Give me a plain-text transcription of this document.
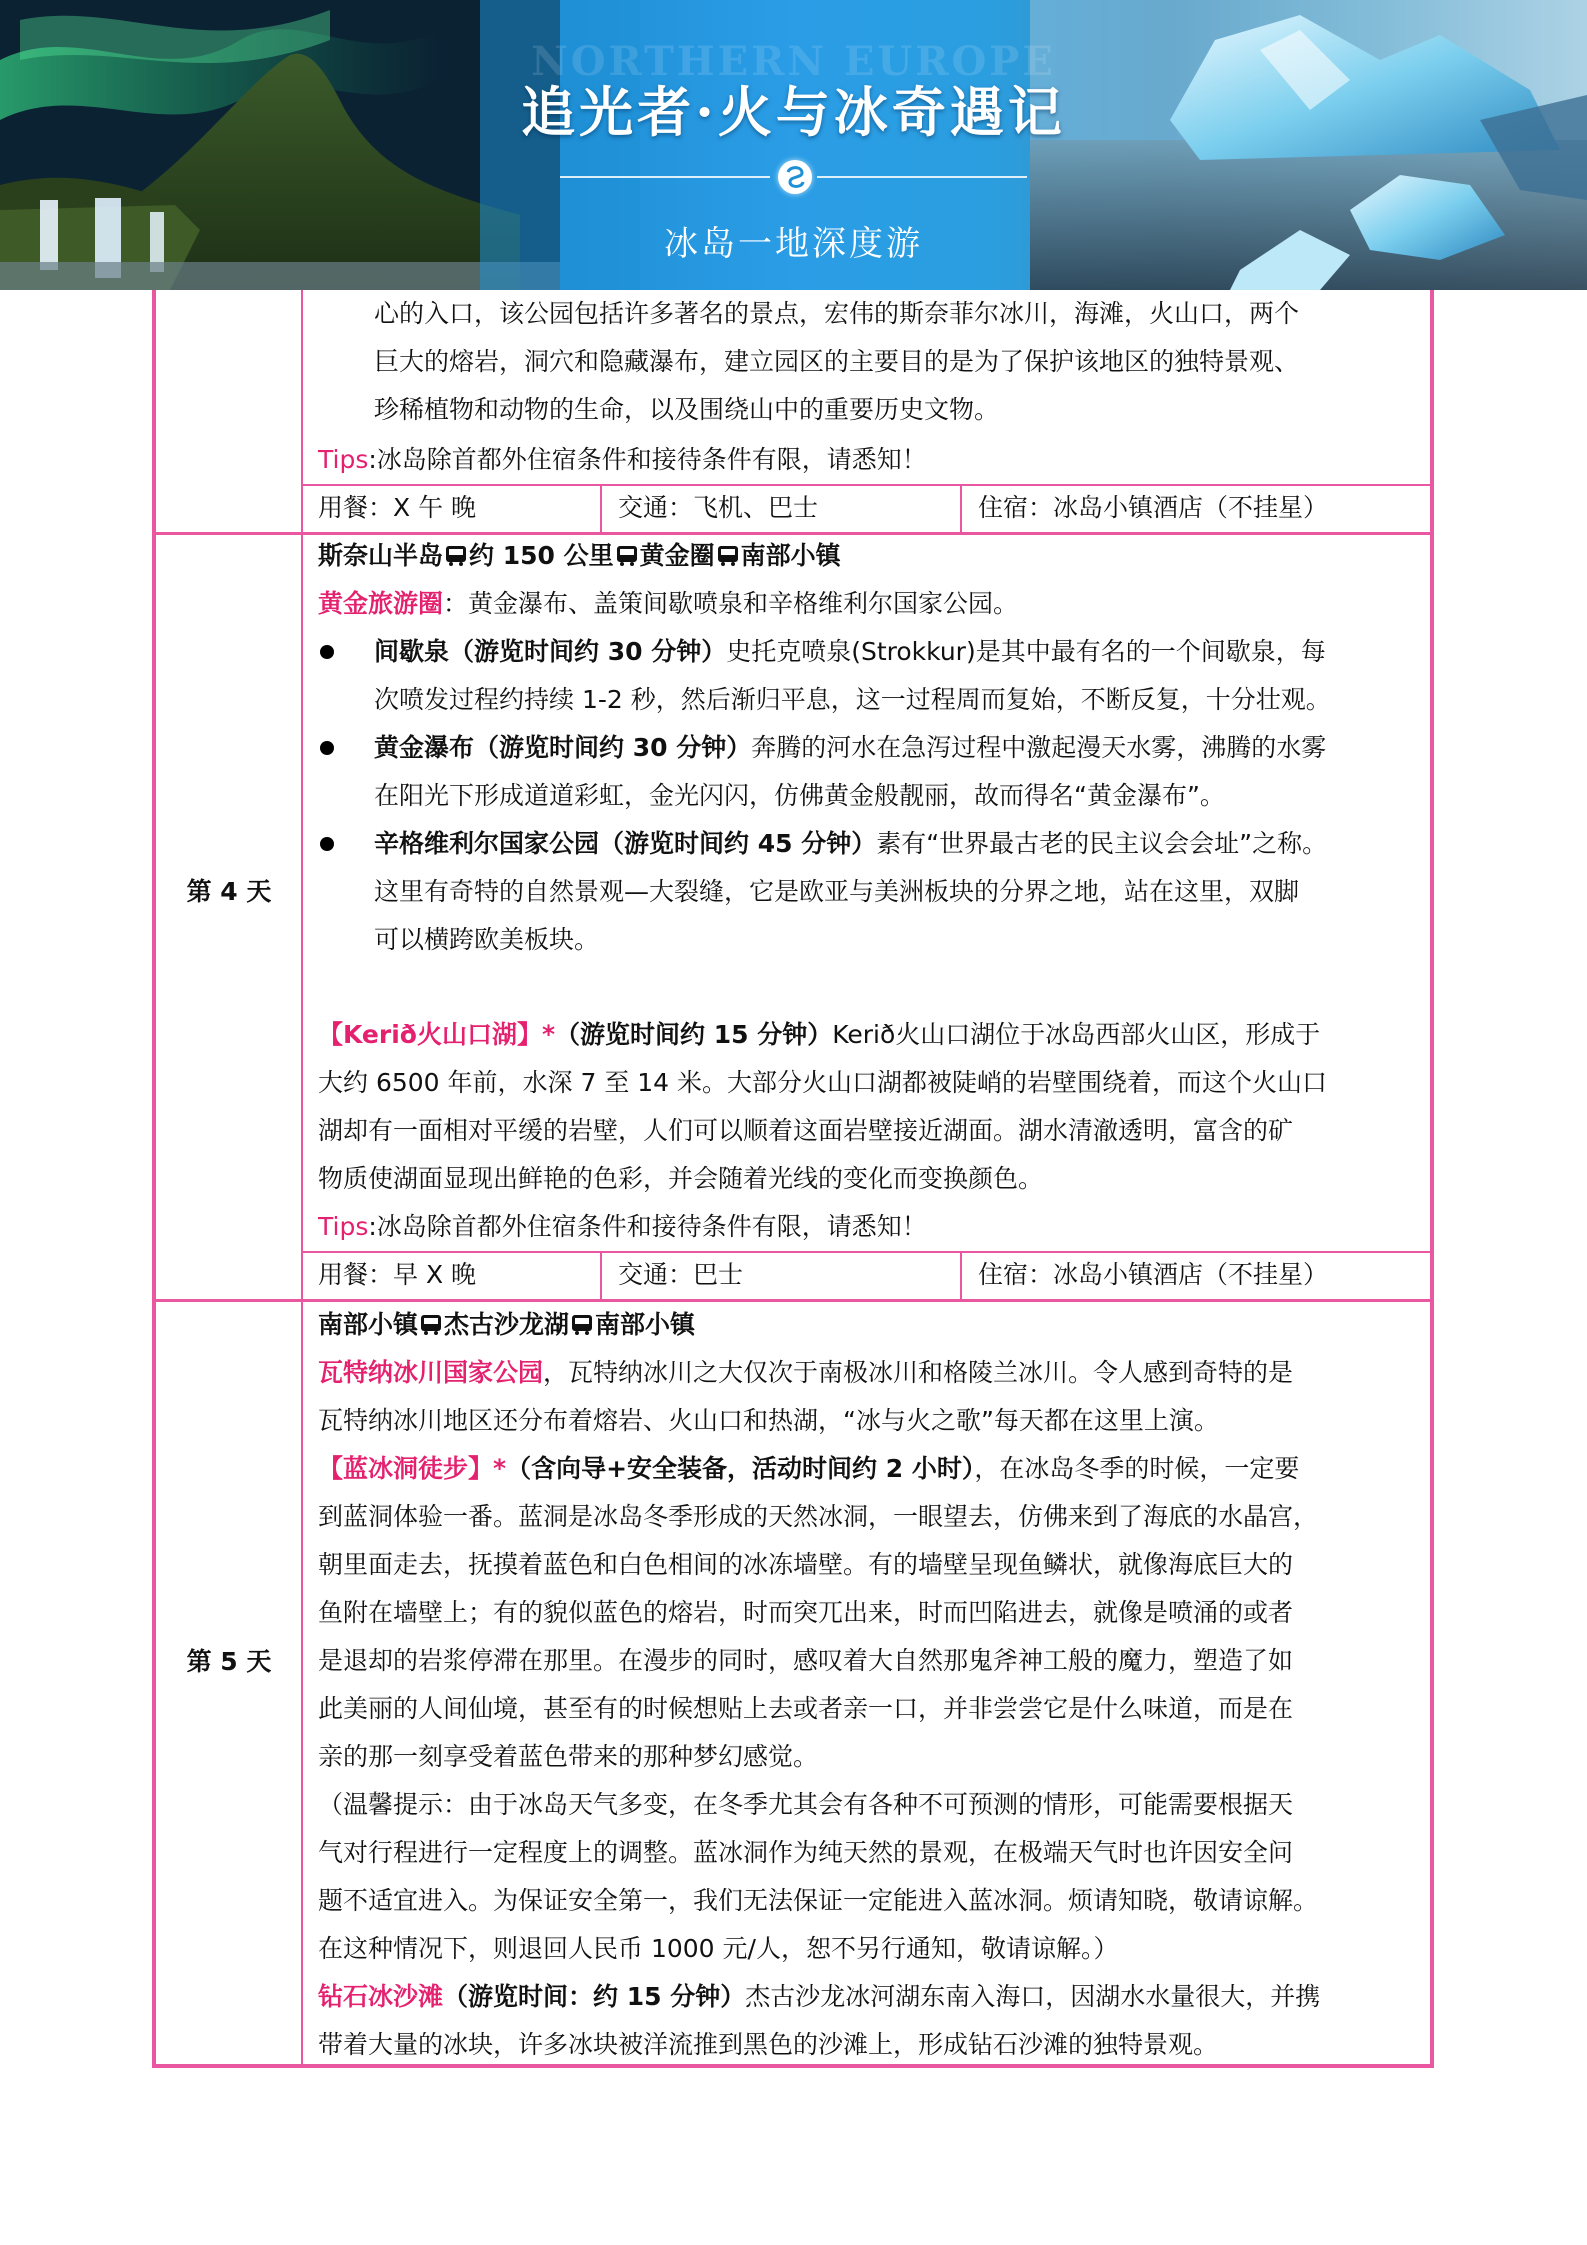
NORTHERN EUROPE
追光者·火与冰奇遇记
冰岛一地深度游
心的入口，该公园包括许多著名的景点，宏伟的斯奈菲尔冰川，海滩，火山口，两个
巨大的熔岩，洞穴和隐藏瀑布，建立园区的主要目的是为了保护该地区的独特景观、
珍稀植物和动物的生命，以及围绕山中的重要历史文物。
Tips:冰岛除首都外住宿条件和接待条件有限，请悉知！
用餐：X 午 晚	交通：飞机、巴士	住宿：冰岛小镇酒店（不挂星）
第 4 天
斯奈山半岛 约 150 公里 黄金圈 南部小镇
黄金旅游圈：黄金瀑布、盖策间歇喷泉和辛格维利尔国家公园。
间歇泉（游览时间约 30 分钟）史托克喷泉(Strokkur)是其中最有名的一个间歇泉，每
次喷发过程约持续 1-2 秒，然后渐归平息，这一过程周而复始，不断反复，十分壮观。
黄金瀑布（游览时间约 30 分钟）奔腾的河水在急泻过程中激起漫天水雾，沸腾的水雾
在阳光下形成道道彩虹，金光闪闪，仿佛黄金般靓丽，故而得名“黄金瀑布”。
辛格维利尔国家公园（游览时间约 45 分钟）素有“世界最古老的民主议会会址”之称。
这里有奇特的自然景观—大裂缝，它是欧亚与美洲板块的分界之地，站在这里，双脚
可以横跨欧美板块。
【Kerið火山口湖】*（游览时间约 15 分钟）Kerið火山口湖位于冰岛西部火山区，形成于
大约 6500 年前，水深 7 至 14 米。大部分火山口湖都被陡峭的岩壁围绕着，而这个火山口
湖却有一面相对平缓的岩壁，人们可以顺着这面岩壁接近湖面。湖水清澈透明，富含的矿
物质使湖面显现出鲜艳的色彩，并会随着光线的变化而变换颜色。
Tips:冰岛除首都外住宿条件和接待条件有限，请悉知！
用餐：早 X 晚	交通：巴士	住宿：冰岛小镇酒店（不挂星）
第 5 天
南部小镇 杰古沙龙湖 南部小镇
瓦特纳冰川国家公园，瓦特纳冰川之大仅次于南极冰川和格陵兰冰川。令人感到奇特的是
瓦特纳冰川地区还分布着熔岩、火山口和热湖，“冰与火之歌”每天都在这里上演。
【蓝冰洞徒步】*（含向导+安全装备，活动时间约 2 小时），在冰岛冬季的时候，一定要
到蓝洞体验一番。蓝洞是冰岛冬季形成的天然冰洞，一眼望去，仿佛来到了海底的水晶宫，
朝里面走去，抚摸着蓝色和白色相间的冰冻墙壁。有的墙壁呈现鱼鳞状，就像海底巨大的
鱼附在墙壁上；有的貌似蓝色的熔岩，时而突兀出来，时而凹陷进去，就像是喷涌的或者
是退却的岩浆停滞在那里。在漫步的同时，感叹着大自然那鬼斧神工般的魔力，塑造了如
此美丽的人间仙境，甚至有的时候想贴上去或者亲一口，并非尝尝它是什么味道，而是在
亲的那一刻享受着蓝色带来的那种梦幻感觉。
（温馨提示：由于冰岛天气多变，在冬季尤其会有各种不可预测的情形，可能需要根据天
气对行程进行一定程度上的调整。蓝冰洞作为纯天然的景观，在极端天气时也许因安全问
题不适宜进入。为保证安全第一，我们无法保证一定能进入蓝冰洞。烦请知晓，敬请谅解。
在这种情况下，则退回人民币 1000 元/人，恕不另行通知，敬请谅解。）
钻石冰沙滩（游览时间：约 15 分钟）杰古沙龙冰河湖东南入海口，因湖水水量很大，并携
带着大量的冰块，许多冰块被洋流推到黑色的沙滩上，形成钻石沙滩的独特景观。
